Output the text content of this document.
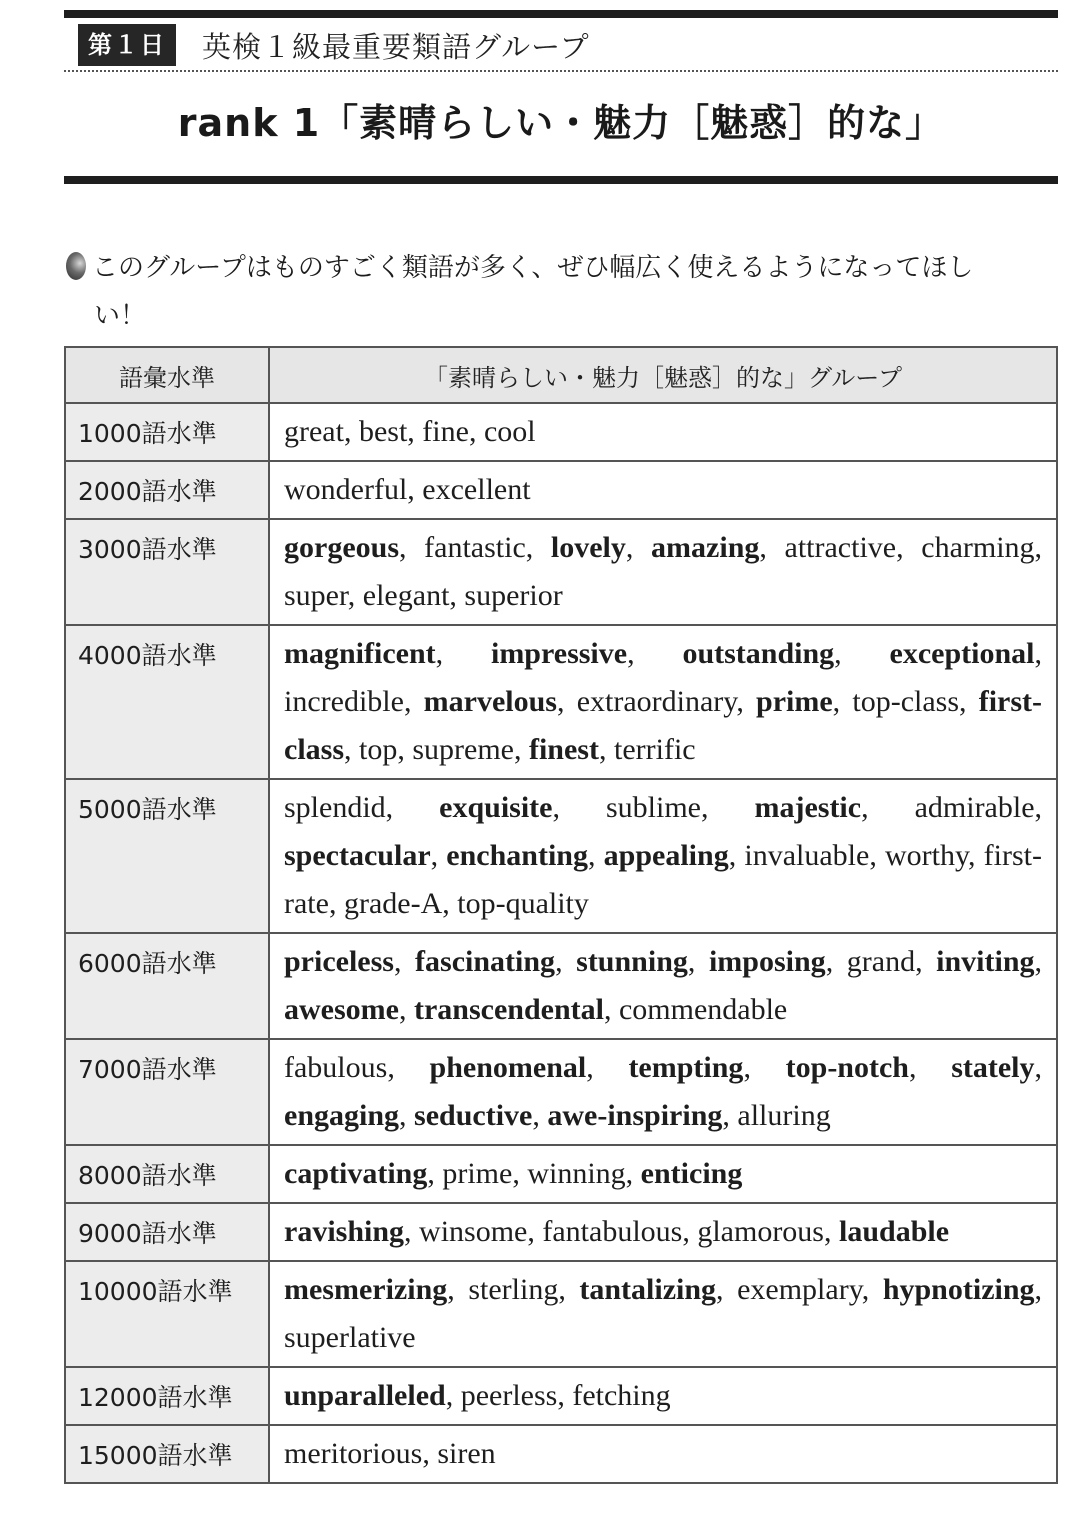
第１日	英検１級最重要類語グループ
rank 1「素晴らしい・魅力［魅惑］的な」
このグループはものすごく類語が多く、ぜひ幅広く使えるようになってほし
い！
語彙水準	「素晴らしい・魅力［魅惑］的な」グループ
1000語水準	great, best, fine, cool
2000語水準	wonderful, excellent
3000語水準	gorgeous, fantastic, lovely, amazing, attractive, charming, super, elegant, superior
4000語水準	magnificent, impressive, outstanding, exceptional, incredible, marvelous, extraordinary, prime, top-class, first-class, top, supreme, finest, terrific
5000語水準	splendid, exquisite, sublime, majestic, admirable, spectacular, enchanting, appealing, invaluable, worthy, first-rate, grade-A, top-quality
6000語水準	priceless, fascinating, stunning, imposing, grand, inviting, awesome, transcendental, commendable
7000語水準	fabulous, phenomenal, tempting, top-notch, stately, engaging, seductive, awe-inspiring, alluring
8000語水準	captivating, prime, winning, enticing
9000語水準	ravishing, winsome, fantabulous, glamorous, laudable
10000語水準	mesmerizing, sterling, tantalizing, exemplary, hypnotizing, superlative
12000語水準	unparalleled, peerless, fetching
15000語水準	meritorious, siren
